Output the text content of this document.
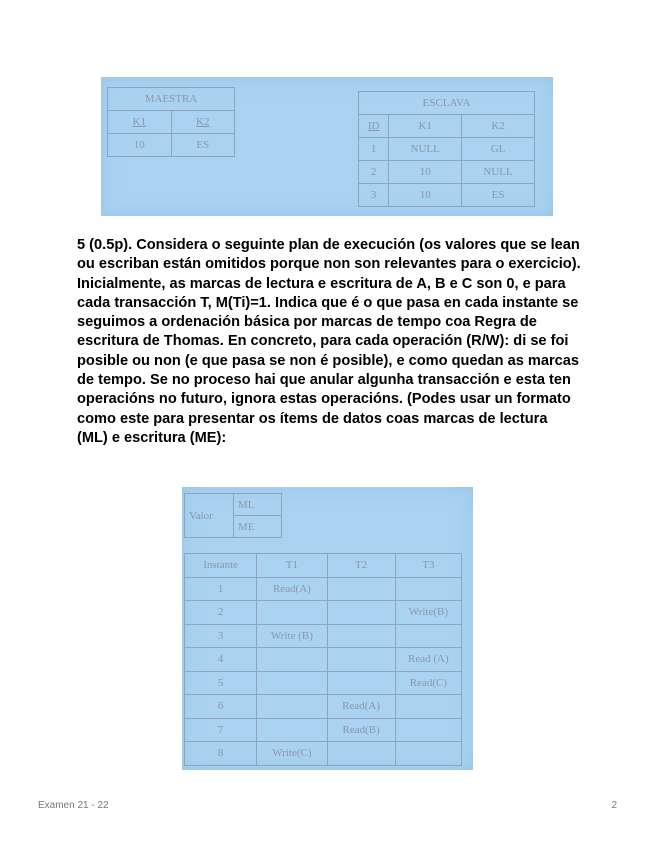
MAESTRA	
K1	K2
10	ES
ESCLAVA		
ID	K1	K2
1	NULL	GL
2	10	NULL
3	10	ES

5 (0.5p). Considera o seguinte plan de execución (os valores que se lean ou escriban están omitidos porque non son relevantes para o exercicio). Inicialmente, as marcas de lectura e escritura de A, B e C son 0, e para cada transacción T, M(Ti)=1. Indica que é o que pasa en cada instante se seguimos a ordenación básica por marcas de tempo coa Regra de escritura de Thomas. En concreto, para cada operación (R/W): di se foi posible ou non (e que pasa se non é posible), e como quedan as marcas de tempo. Se no proceso hai que anular algunha transacción e esta ten operacións no futuro, ignora estas operacións. (Podes usar un formato como este para presentar os ítems de datos coas marcas de lectura (ML) e escritura (ME):

Valor	ML
ME
Instante	T1	T2	T3
1	Read(A)		
2			Write(B)
3	Write (B)		
4			Read (A)
5			Read(C)
6		Read(A)	
7		Read(B)	
8	Write(C)		
Examen 21 - 22	2
